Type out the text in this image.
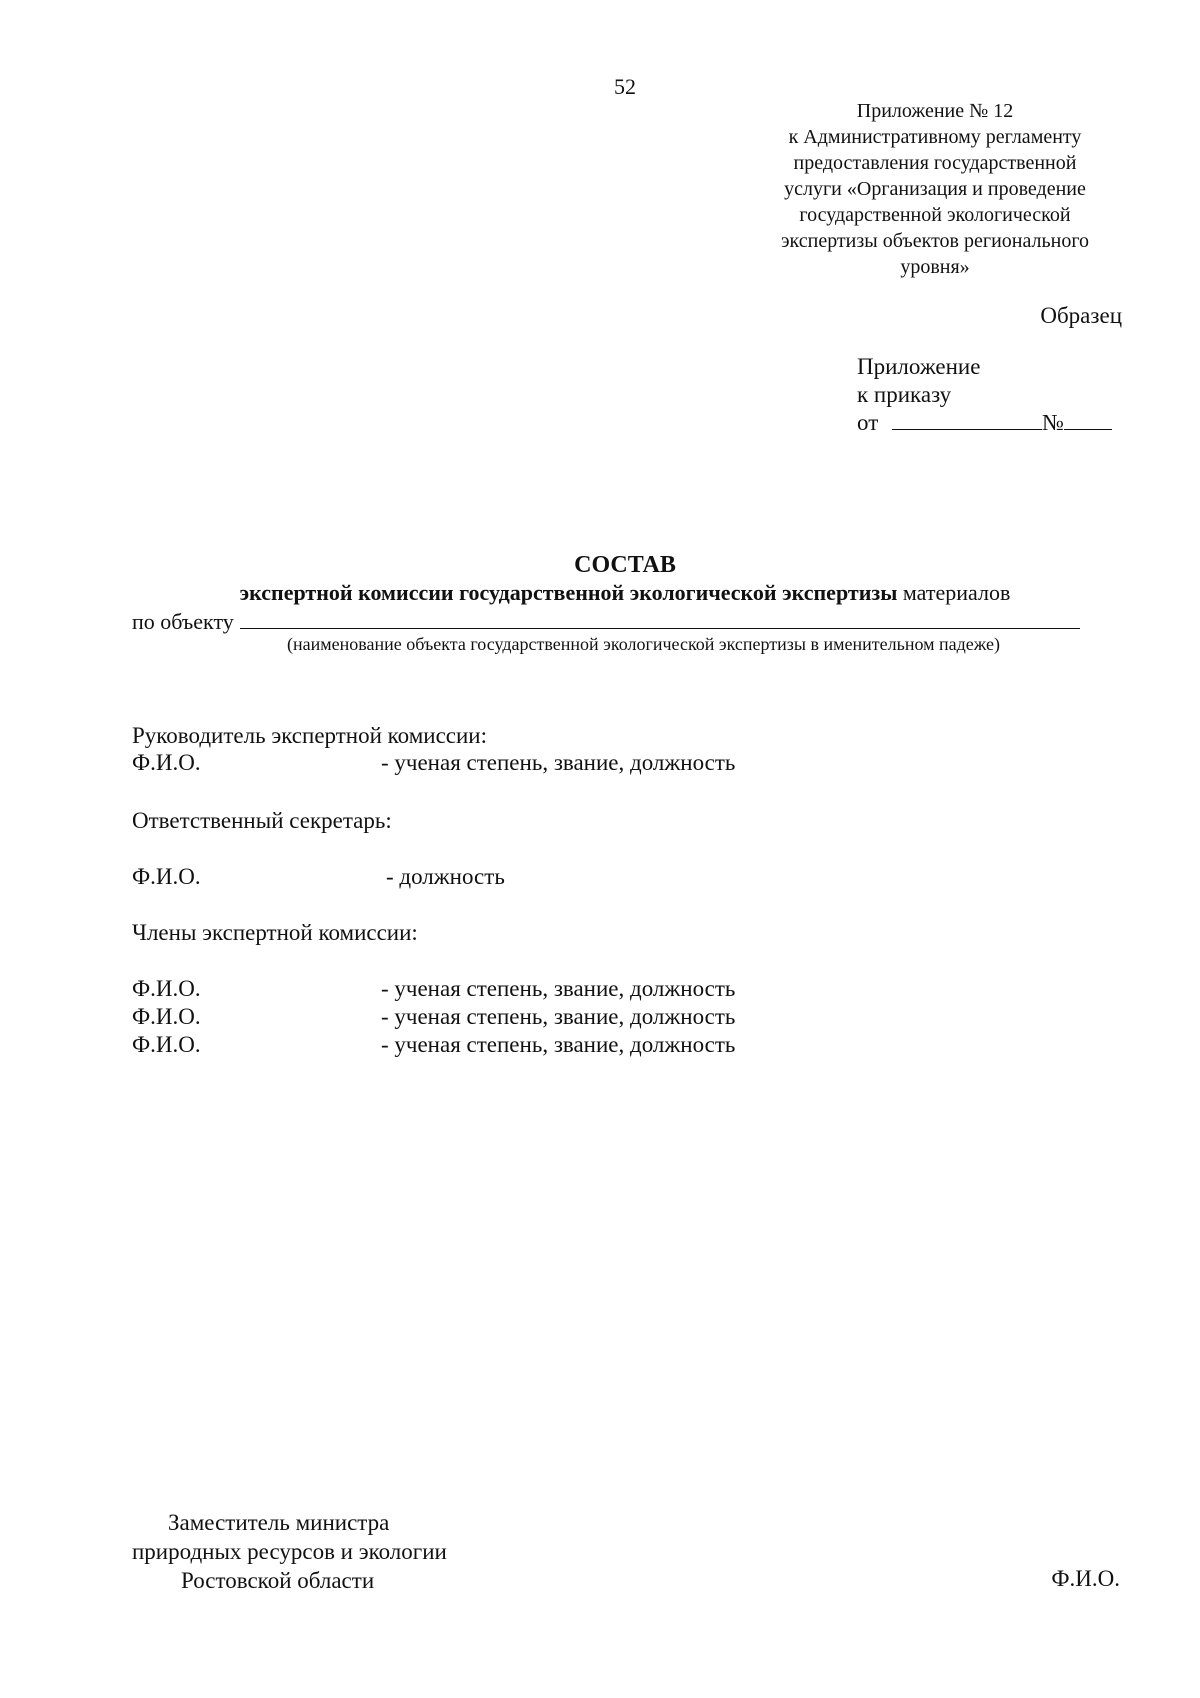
52
Приложение № 12
к Административному регламенту
предоставления государственной
услуги «Организация и проведение
государственной экологической
экспертизы объектов регионального
уровня»
Образец
Приложение
к приказу
от	№
СОСТАВ
экспертной комиссии государственной экологической экспертизы материалов
по объекту
(наименование объекта государственной экологической экспертизы в именительном падеже)
Руководитель экспертной комиссии:
Ф.И.О.	- ученая степень, звание, должность
Ответственный секретарь:
Ф.И.О.	- должность
Члены экспертной комиссии:
Ф.И.О.	- ученая степень, звание, должность
Ф.И.О.	- ученая степень, звание, должность
Ф.И.О.	- ученая степень, звание, должность
Заместитель министра
природных ресурсов и экологии
Ростовской области	Ф.И.О.
